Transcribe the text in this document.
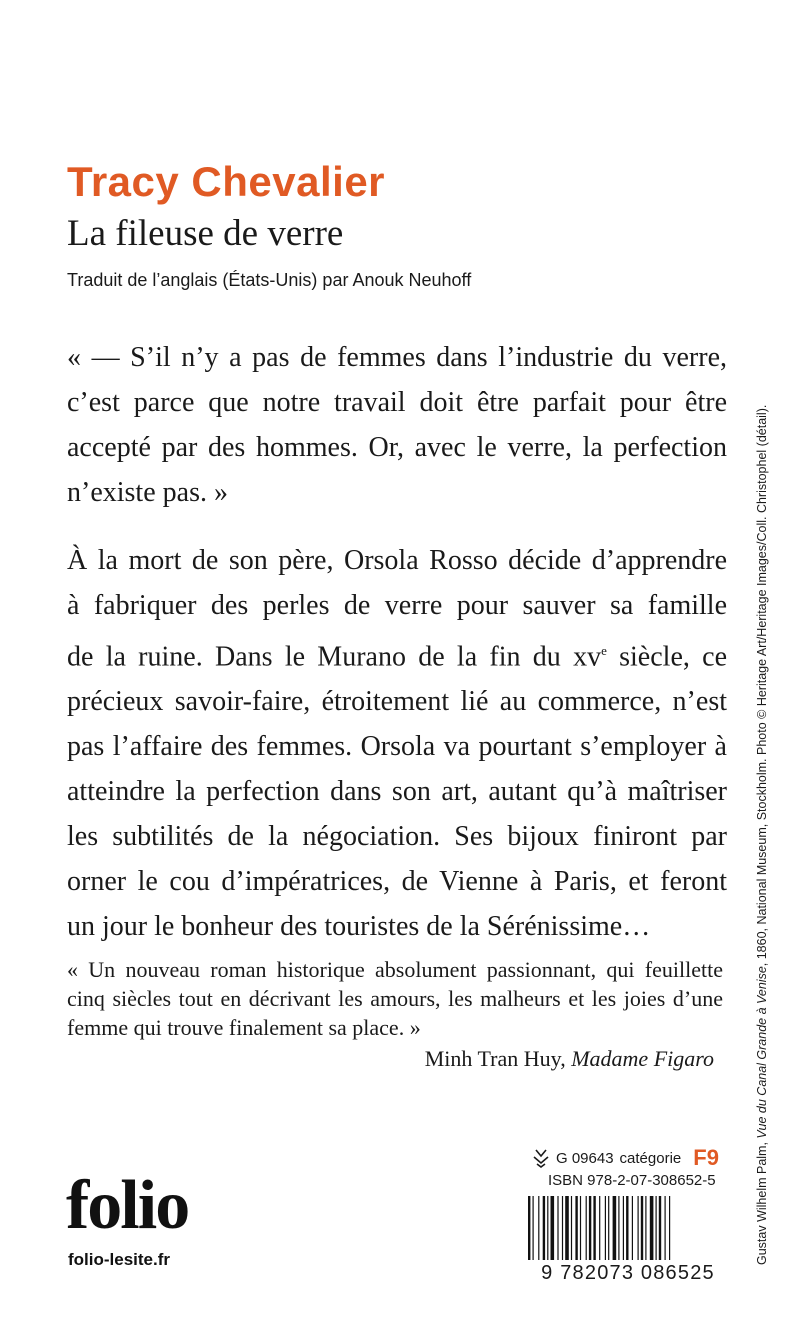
Tracy Chevalier
La fileuse de verre

Traduit de l’anglais (États-Unis) par Anouk Neuhoff

« — S’il n’y a pas de femmes dans l’industrie du verre,
c’est parce que notre travail doit être parfait pour être
accepté par des hommes. Or, avec le verre, la perfection
n’existe pas. »
À la mort de son père, Orsola Rosso décide d’apprendre
à fabriquer des perles de verre pour sauver sa famille
de la ruine. Dans le Murano de la fin du $xv^e$ siècle, ce
précieux savoir-faire, étroitement lié au commerce, n’est
pas l’affaire des femmes. Orsola va pourtant s’employer à
atteindre la perfection dans son art, autant qu’à maîtriser
les subtilités de la négociation. Ses bijoux finiront par
orner le cou d’impératrices, de Vienne à Paris, et feront
un jour le bonheur des touristes de la Sérénissime…
« Un nouveau roman historique absolument passionnant, qui feuillette
cinq siècles tout en décrivant les amours, les malheurs et les joies d’une
femme qui trouve finalement sa place. »

Minh Tran Huy, Madame Figaro

Gustav Wilhelm Palm, Vue du Canal Grande à Venise, 1860, National Museum, Stockholm. Photo © Heritage Art/Heritage Images/Coll. Christophel (détail).
folio
folio-lesite.fr
G 09643 catégorie F9
ISBN 978-2-07-308652-5
9 782073 086525
